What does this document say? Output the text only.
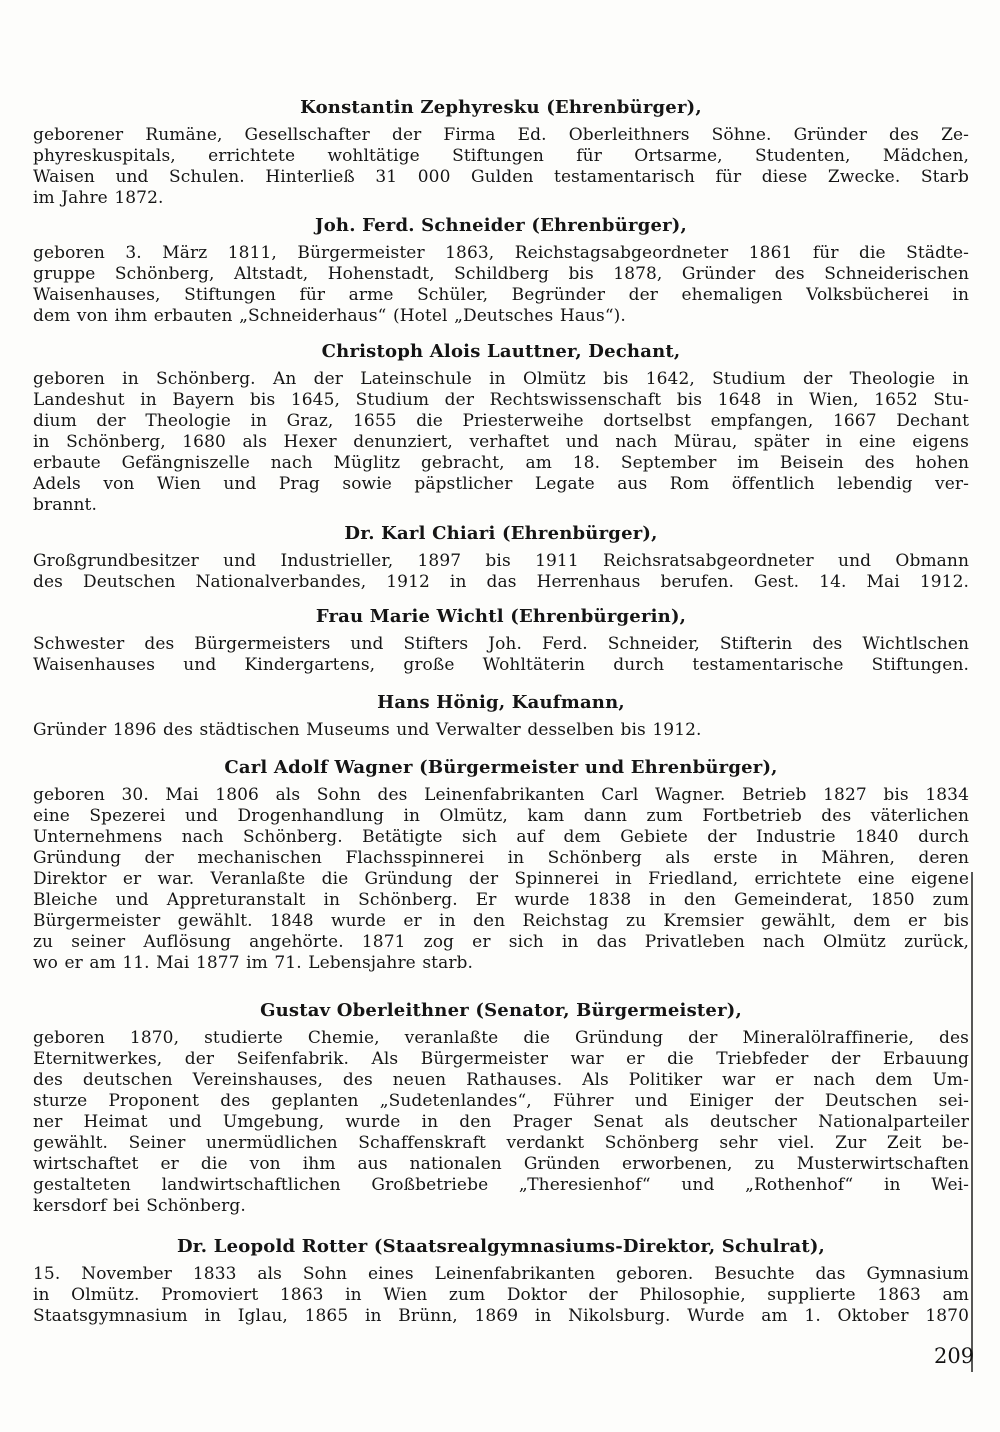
Konstantin Zephyresku (Ehrenbürger),
geborener Rumäne, Gesellschafter der Firma Ed. Oberleithners Söhne. Gründer des Ze-
phyreskuspitals, errichtete wohltätige Stiftungen für Ortsarme, Studenten, Mädchen,
Waisen und Schulen. Hinterließ 31 000 Gulden testamentarisch für diese Zwecke. Starb
im Jahre 1872.
Joh. Ferd. Schneider (Ehrenbürger),
geboren 3. März 1811, Bürgermeister 1863, Reichstagsabgeordneter 1861 für die Städte-
gruppe Schönberg, Altstadt, Hohenstadt, Schildberg bis 1878, Gründer des Schneiderischen
Waisenhauses, Stiftungen für arme Schüler, Begründer der ehemaligen Volksbücherei in
dem von ihm erbauten „Schneiderhaus“ (Hotel „Deutsches Haus“).
Christoph Alois Lauttner, Dechant,
geboren in Schönberg. An der Lateinschule in Olmütz bis 1642, Studium der Theologie in
Landeshut in Bayern bis 1645, Studium der Rechtswissenschaft bis 1648 in Wien, 1652 Stu-
dium der Theologie in Graz, 1655 die Priesterweihe dortselbst empfangen, 1667 Dechant
in Schönberg, 1680 als Hexer denunziert, verhaftet und nach Mürau, später in eine eigens
erbaute Gefängniszelle nach Müglitz gebracht, am 18. September im Beisein des hohen
Adels von Wien und Prag sowie päpstlicher Legate aus Rom öffentlich lebendig ver-
brannt.
Dr. Karl Chiari (Ehrenbürger),
Großgrundbesitzer und Industrieller, 1897 bis 1911 Reichsratsabgeordneter und Obmann
des Deutschen Nationalverbandes, 1912 in das Herrenhaus berufen. Gest. 14. Mai 1912.
Frau Marie Wichtl (Ehrenbürgerin),
Schwester des Bürgermeisters und Stifters Joh. Ferd. Schneider, Stifterin des Wichtlschen
Waisenhauses und Kindergartens, große Wohltäterin durch testamentarische Stiftungen.
Hans Hönig, Kaufmann,
Gründer 1896 des städtischen Museums und Verwalter desselben bis 1912.
Carl Adolf Wagner (Bürgermeister und Ehrenbürger),
geboren 30. Mai 1806 als Sohn des Leinenfabrikanten Carl Wagner. Betrieb 1827 bis 1834
eine Spezerei und Drogenhandlung in Olmütz, kam dann zum Fortbetrieb des väterlichen
Unternehmens nach Schönberg. Betätigte sich auf dem Gebiete der Industrie 1840 durch
Gründung der mechanischen Flachsspinnerei in Schönberg als erste in Mähren, deren
Direktor er war. Veranlaßte die Gründung der Spinnerei in Friedland, errichtete eine eigene
Bleiche und Appreturanstalt in Schönberg. Er wurde 1838 in den Gemeinderat, 1850 zum
Bürgermeister gewählt. 1848 wurde er in den Reichstag zu Kremsier gewählt, dem er bis
zu seiner Auflösung angehörte. 1871 zog er sich in das Privatleben nach Olmütz zurück,
wo er am 11. Mai 1877 im 71. Lebensjahre starb.
Gustav Oberleithner (Senator, Bürgermeister),
geboren 1870, studierte Chemie, veranlaßte die Gründung der Mineralölraffinerie, des
Eternitwerkes, der Seifenfabrik. Als Bürgermeister war er die Triebfeder der Erbauung
des deutschen Vereinshauses, des neuen Rathauses. Als Politiker war er nach dem Um-
sturze Proponent des geplanten „Sudetenlandes“, Führer und Einiger der Deutschen sei-
ner Heimat und Umgebung, wurde in den Prager Senat als deutscher Nationalparteiler
gewählt. Seiner unermüdlichen Schaffenskraft verdankt Schönberg sehr viel. Zur Zeit be-
wirtschaftet er die von ihm aus nationalen Gründen erworbenen, zu Musterwirtschaften
gestalteten landwirtschaftlichen Großbetriebe „Theresienhof“ und „Rothenhof“ in Wei-
kersdorf bei Schönberg.
Dr. Leopold Rotter (Staatsrealgymnasiums-Direktor, Schulrat),
15. November 1833 als Sohn eines Leinenfabrikanten geboren. Besuchte das Gymnasium
in Olmütz. Promoviert 1863 in Wien zum Doktor der Philosophie, supplierte 1863 am
Staatsgymnasium in Iglau, 1865 in Brünn, 1869 in Nikolsburg. Wurde am 1. Oktober 1870
209
